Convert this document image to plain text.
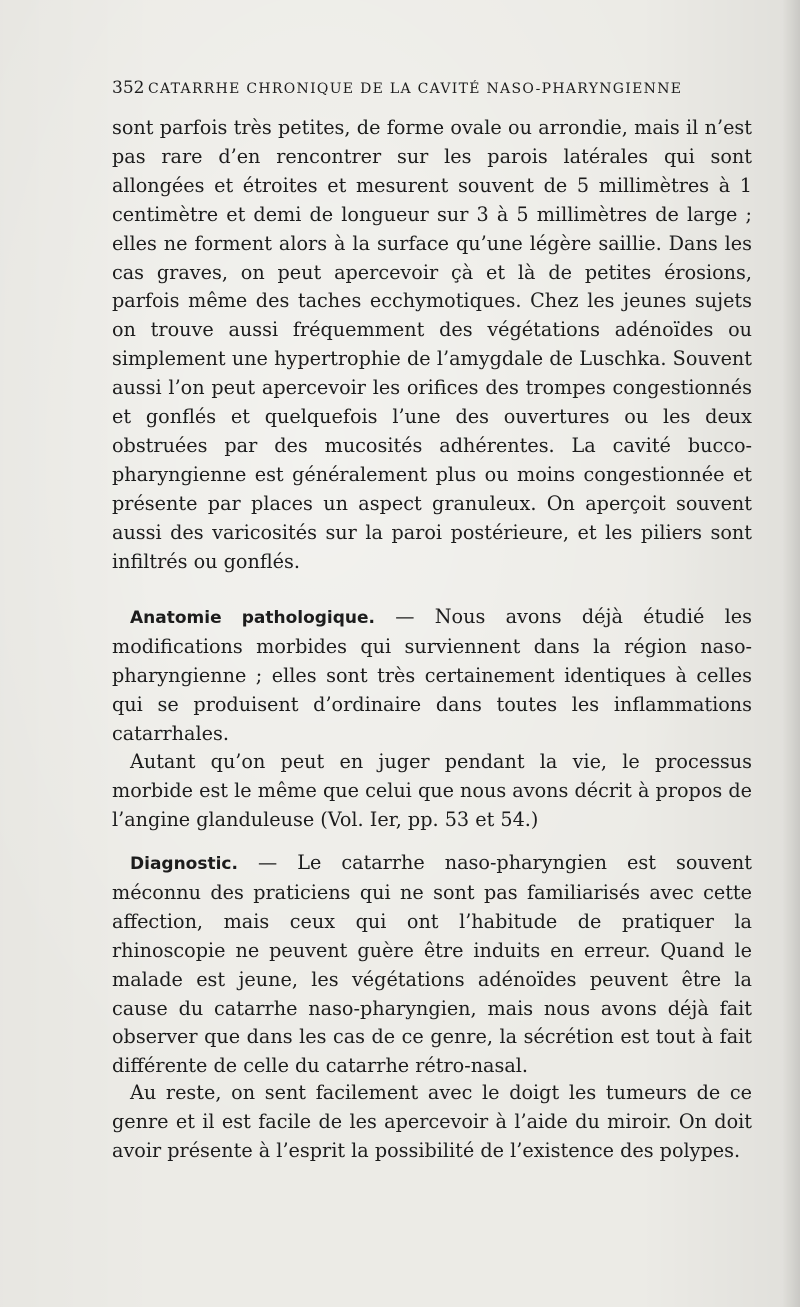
352 CATARRHE CHRONIQUE DE LA CAVITÉ NASO-PHARYNGIENNE

sont parfois très petites, de forme ovale ou arrondie, mais il n’est pas rare d’en rencontrer sur les parois latérales qui sont allongées et étroites et mesurent souvent de 5 millimètres à 1 centimètre et demi de longueur sur 3 à 5 millimètres de large ; elles ne forment alors à la surface qu’une légère saillie. Dans les cas graves, on peut apercevoir çà et là de petites érosions, parfois même des taches ecchymotiques. Chez les jeunes sujets on trouve aussi fréquemment des végétations adénoïdes ou simplement une hypertrophie de l’amygdale de Luschka. Souvent aussi l’on peut apercevoir les orifices des trompes congestionnés et gonflés et quelquefois l’une des ouvertures ou les deux obstruées par des mucosités adhérentes. La cavité bucco-pharyngienne est généralement plus ou moins congestionnée et présente par places un aspect granuleux. On aperçoit souvent aussi des varicosités sur la paroi postérieure, et les piliers sont infiltrés ou gonflés.

Anatomie pathologique. — Nous avons déjà étudié les modifications morbides qui surviennent dans la région naso-pharyngienne ; elles sont très certainement identiques à celles qui se produisent d’ordinaire dans toutes les inflammations catarrhales.

Autant qu’on peut en juger pendant la vie, le processus morbide est le même que celui que nous avons décrit à propos de l’angine glanduleuse (Vol. Ier, pp. 53 et 54.)

Diagnostic. — Le catarrhe naso-pharyngien est souvent méconnu des praticiens qui ne sont pas familiarisés avec cette affection, mais ceux qui ont l’habitude de pratiquer la rhinoscopie ne peuvent guère être induits en erreur. Quand le malade est jeune, les végétations adénoïdes peuvent être la cause du catarrhe naso-pharyngien, mais nous avons déjà fait observer que dans les cas de ce genre, la sécrétion est tout à fait différente de celle du catarrhe rétro-nasal.

Au reste, on sent facilement avec le doigt les tumeurs de ce genre et il est facile de les apercevoir à l’aide du miroir. On doit avoir présente à l’esprit la possibilité de l’existence des polypes.
